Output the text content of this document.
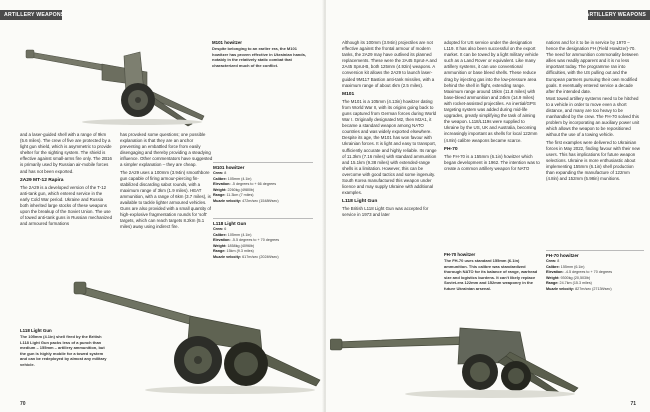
ARTILLERY WEAPONS
M101 howitzer
Despite belonging to an earlier era, the M101 howitzer has proven effective in Ukrainian hands, notably in the relatively static combat that characterized much of the conflict.

and a laser-guided shell with a range of 9km (5.6 miles). The crew of five are protected by a light gun shield, which is asymmetric to provide shelter for the sighting system. The shield is effective against small-arms fire only. The 2B16 is primarily used by Russian air-mobile forces and has not been exported.

2A29 MT-12 Rapira

The 2A29 is a developed version of the T-12 anti-tank gun, which entered service in the early Cold War period. Ukraine and Russia both inherited large stocks of these weapons upon the breakup of the Soviet Union. The use of towed anti-tank guns in Russian mechanized and armoured formations

has provoked some questions; one possible explanation is that they are an anchor preventing an embattled force from easily disengaging and thereby providing a steadying influence. Other commentators have suggested a simpler explanation – they are cheap.

The 2A29 uses a 100mm (3.94in) smoothbore gun capable of firing armour-piercing fin-stabilized discarding sabot rounds, with a maximum range of 3km (1.9 miles). HEAT ammunition, with a range of 6km (3.7 miles), is available to tackle lighter armoured vehicles. Guns are also provided with a small quantity of high-explosive fragmentation rounds for 'soft' targets, which can reach targets 8.2km (5.1 miles) away using indirect fire.

M101 howitzer
Crew: 8
Calibre: 105mm (4.1in)
Elevation: -5 degrees to + 66 degrees
Weight: 2260kg (4980lb)
Range: 11.3km (7 miles)
Muzzle velocity: 472m/sec (1548ft/sec)
L118 Light Gun
Crew: 6
Calibre: 105mm (4.1in)
Elevation: -5.5 degrees to + 70 degrees
Weight: 1858kg (4096lb)
Range: 15km (9.3 miles)
Muzzle velocity: 617m/sec (2024ft/sec)
L118 Light Gun
The 105mm (4.1in) shell fired by the British L118 Light Gun packs less of a punch than medium – 155mm – artillery ammunition, but the gun is highly mobile for a towed system and can be redeployed by almost any military vehicle.
70
ARTILLERY WEAPONS

Although its 100mm (3.94in) projectiles are not effective against the frontal armour of modern tanks, the 2A29 may have outlived its planned replacements. These were the 2A45 Sprut-A and 2A45 Sprut-B, both 125mm (4.92in) weapons. A conversion kit allows the 2A29 to launch laser-guided 9M117 Bastion anti-tank missiles, with a maximum range of about 4km (2.5 miles).

M101

The M101 is a 105mm (4.13in) howitzer dating from World War II, with its origins going back to guns captured from German forces during World War I. Originally designated M2, then M2A1, it became a standard weapon among NATO countries and was widely exported elsewhere. Despite its age, the M101 has won favour with Ukrainian forces. It is light and easy to transport, sufficiently accurate and highly reliable. Its range of 11.3km (7.16 miles) with standard ammunition and 15.1km (9.38 miles) with extended-range shells is a limitation. However, this can be overcome with good tactics and some ingenuity. South Korea manufactured this weapon under licence and may supply Ukraine with additional examples.

L118 Light Gun

The British L118 Light Gun was accepted for service in 1973 and later

adopted for US service under the designation L119. It has also been successful on the export market. It can be towed by a light military vehicle such as a Land Rover or equivalent. Like many artillery systems, it can use conventional ammunition or base bleed shells. These reduce drag by injecting gas into the low-pressure area behind the shell in flight, extending range. Maximum range around 15km (11.8 miles) with base-bleed ammunition and 24km (14.9 miles) with rocket-assisted projectiles. An inertial/GPS targeting system was added during mid-life upgrades, greatly simplifying the task of aiming the weapon. L118/L119s were supplied to Ukraine by the US, UK and Australia, becoming increasingly important as shells for local 122mm (4.8in) calibre weapons became scarce.

FH-70

The FH-70 is a 155mm (6.1in) howitzer which began development in 1962. The intention was to create a common artillery weapon for NATO

nations and for it to be in service by 1970 – hence the designation FH (Field Howitzer)-70. The need for ammunition commonality between allies was readily apparent and it is no less important today. The programme ran into difficulties, with the US pulling out and the European partners pursuing their own modified goals. It eventually entered service a decade after the intended date.

Most towed artillery systems need to be hitched to a vehicle in order to move even a short distance, and many are too heavy to be manhandled by the crew. The FH-70 solved this problem by incorporating an auxiliary power unit which allows the weapon to be repositioned without the use of a towing vehicle.

The first examples were delivered to Ukrainian forces in May 2022, finding favour with their new users. This has implications for future weapon selections. Ukraine is more enthusiastic about implementing 155mm (6.1in) shell production than expanding the manufacture of 122mm (4.8in) and 152mm (5.98in) munitions.

FH-70 howitzer
The FH-70 uses standard 155mm (6.1in) ammunition. This calibre was standardized thorough NATO for its balance of range, warhead size and logistics burdens. It can't likely replace Soviet-era 122mm and 152mm weaponry in the future Ukrainian arsenal.
FH-70 howitzer
Crew: 8
Calibre: 155mm (6.1in)
Elevation: -4.5 degrees to + 70 degrees
Weight: 9300kg (20,503lb)
Range: 24.7km (15.3 miles)
Muzzle velocity: 827m/sec (2713ft/sec)
71
